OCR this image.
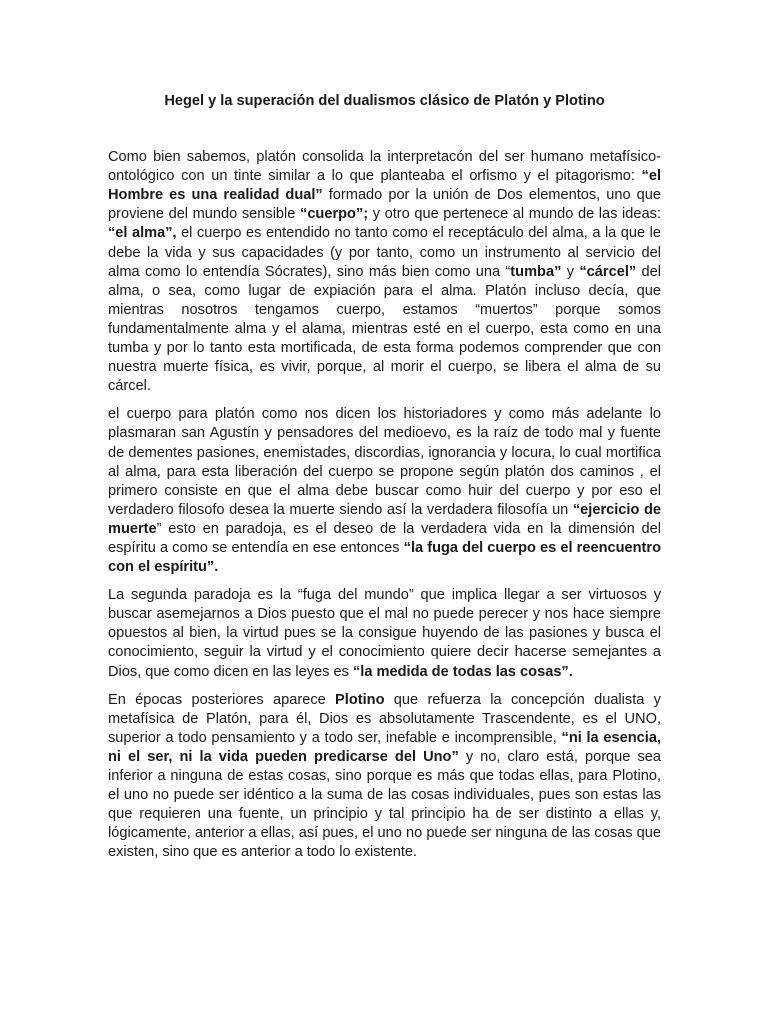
Hegel y la superación del dualismos clásico de Platón y Plotino
Como bien sabemos, platón consolida la interpretacón del ser humano metafísico-ontológico con un tinte similar a lo que planteaba el orfismo y el pitagorismo: “el Hombre es una realidad dual” formado por la unión de Dos elementos, uno que proviene del mundo sensible “cuerpo”; y otro que pertenece al mundo de las ideas: “el alma”, el cuerpo es entendido no tanto como el receptáculo del alma, a la que le debe la vida y sus capacidades (y por tanto, como un instrumento al servicio del alma como lo entendía Sócrates), sino más bien como una “tumba” y “cárcel” del alma, o sea, como lugar de expiación para el alma. Platón incluso decía, que mientras nosotros tengamos cuerpo, estamos “muertos” porque somos fundamentalmente alma y el alama, mientras esté en el cuerpo, esta como en una tumba y por lo tanto esta mortificada, de esta forma podemos comprender que con nuestra muerte física, es vivir, porque, al morir el cuerpo, se libera el alma de su cárcel.
el cuerpo para platón como nos dicen los historiadores y como más adelante lo plasmaran san Agustín y pensadores del medioevo, es la raíz de todo mal y fuente de dementes pasiones, enemistades, discordias, ignorancia y locura, lo cual mortifica al alma, para esta liberación del cuerpo se propone según platón dos caminos , el primero consiste en que el alma debe buscar como huir del cuerpo y por eso el verdadero filosofo desea la muerte siendo así la verdadera filosofía un “ejercicio de muerte” esto en paradoja, es el deseo de la verdadera vida en la dimensión del espíritu a como se entendía en ese entonces “la fuga del cuerpo es el reencuentro con el espíritu”.
La segunda paradoja es la “fuga del mundo” que implica llegar a ser virtuosos y buscar asemejarnos a Dios puesto que el mal no puede perecer y nos hace siempre opuestos al bien, la virtud pues se la consigue huyendo de las pasiones y busca el conocimiento, seguir la virtud y el conocimiento quiere decir hacerse semejantes a Dios, que como dicen en las leyes es “la medida de todas las cosas”.
En épocas posteriores aparece Plotino que refuerza la concepción dualista y metafísica de Platón, para él, Dios es absolutamente Trascendente, es el UNO, superior a todo pensamiento y a todo ser, inefable e incomprensible, “ni la esencia, ni el ser, ni la vida pueden predicarse del Uno” y no, claro está, porque sea inferior a ninguna de estas cosas, sino porque es más que todas ellas, para Plotino, el uno no puede ser idéntico a la suma de las cosas individuales, pues son estas las que requieren una fuente, un principio y tal principio ha de ser distinto a ellas y, lógicamente, anterior a ellas, así pues, el uno no puede ser ninguna de las cosas que existen, sino que es anterior a todo lo existente.
